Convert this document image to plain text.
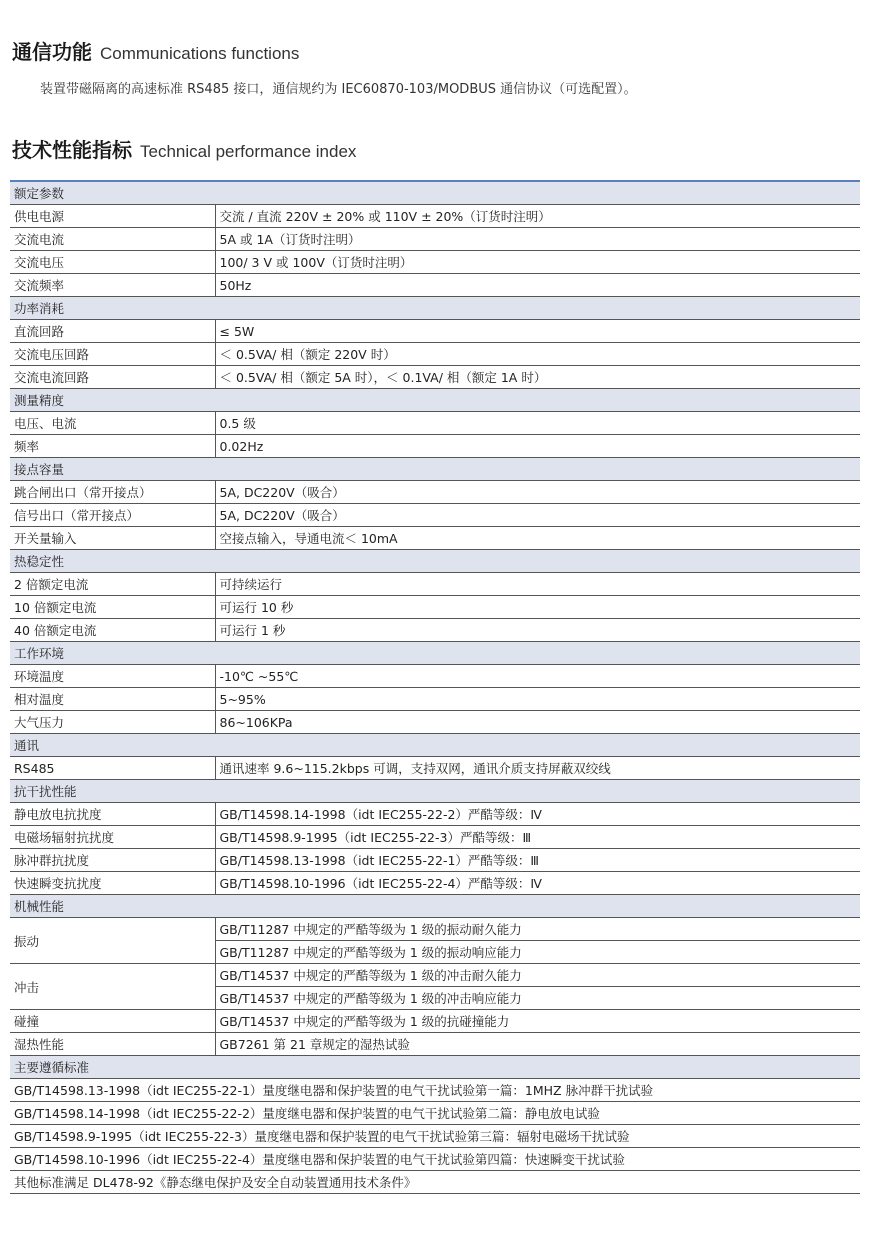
通信功能 Communications functions
装置带磁隔离的高速标准 RS485 接口，通信规约为 IEC60870-103/MODBUS 通信协议（可选配置）。
技术性能指标 Technical performance index
额定参数	
供电电源	交流 / 直流 220V ± 20% 或 110V ± 20%（订货时注明）
交流电流	5A 或 1A（订货时注明）
交流电压	100/ 3 V 或 100V（订货时注明）
交流频率	50Hz
功率消耗	
直流回路	≤ 5W
交流电压回路	＜ 0.5VA/ 相（额定 220V 时）
交流电流回路	＜ 0.5VA/ 相（额定 5A 时），＜ 0.1VA/ 相（额定 1A 时）
测量精度	
电压、电流	0.5 级
频率	0.02Hz
接点容量	
跳合闸出口（常开接点）	5A, DC220V（吸合）
信号出口（常开接点）	5A, DC220V（吸合）
开关量输入	空接点输入，导通电流＜ 10mA
热稳定性	
2 倍额定电流	可持续运行
10 倍额定电流	可运行 10 秒
40 倍额定电流	可运行 1 秒
工作环境	
环境温度	-10℃ ~55℃
相对温度	5~95%
大气压力	86~106KPa
通讯	
RS485	通讯速率 9.6~115.2kbps 可调，支持双网，通讯介质支持屏蔽双绞线
抗干扰性能	
静电放电抗扰度	GB/T14598.14-1998（idt IEC255-22-2）严酷等级：Ⅳ
电磁场辐射抗扰度	GB/T14598.9-1995（idt IEC255-22-3）严酷等级：Ⅲ
脉冲群抗扰度	GB/T14598.13-1998（idt IEC255-22-1）严酷等级：Ⅲ
快速瞬变抗扰度	GB/T14598.10-1996（idt IEC255-22-4）严酷等级：Ⅳ
机械性能	
振动	GB/T11287 中规定的严酷等级为 1 级的振动耐久能力
	GB/T11287 中规定的严酷等级为 1 级的振动响应能力
冲击	GB/T14537 中规定的严酷等级为 1 级的冲击耐久能力
	GB/T14537 中规定的严酷等级为 1 级的冲击响应能力
碰撞	GB/T14537 中规定的严酷等级为 1 级的抗碰撞能力
湿热性能	GB7261 第 21 章规定的湿热试验
主要遵循标准	
GB/T14598.13-1998（idt IEC255-22-1）量度继电器和保护装置的电气干扰试验第一篇：1MHZ 脉冲群干扰试验	
GB/T14598.14-1998（idt IEC255-22-2）量度继电器和保护装置的电气干扰试验第二篇：静电放电试验	
GB/T14598.9-1995（idt IEC255-22-3）量度继电器和保护装置的电气干扰试验第三篇：辐射电磁场干扰试验	
GB/T14598.10-1996（idt IEC255-22-4）量度继电器和保护装置的电气干扰试验第四篇：快速瞬变干扰试验	
其他标准满足 DL478-92《静态继电保护及安全自动装置通用技术条件》	
